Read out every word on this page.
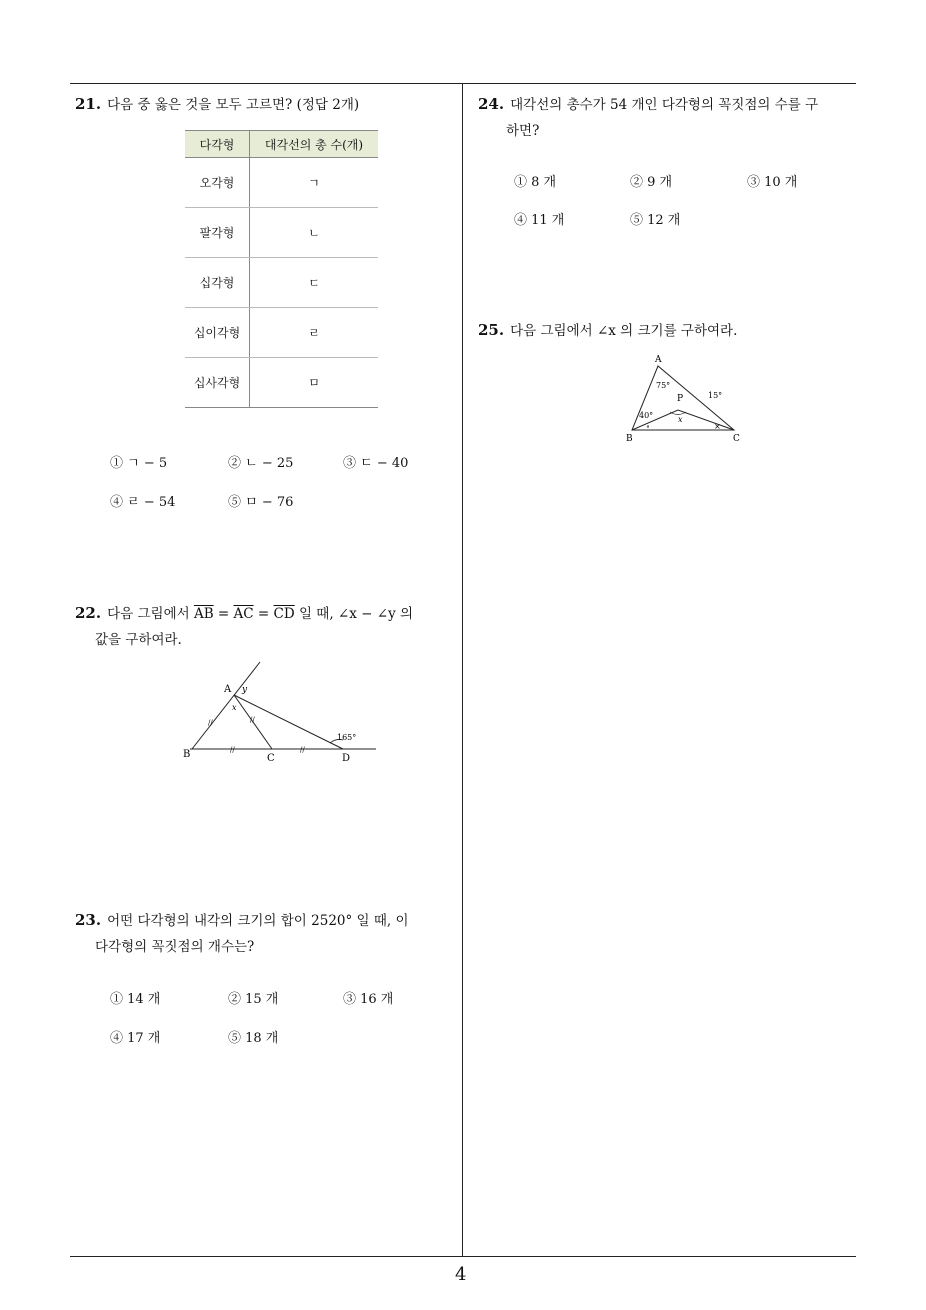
21. 다음 중 옳은 것을 모두 고르면? (정답 2개)
다각형	대각선의 총 수(개)
오각형	ㄱ
팔각형	ㄴ
십각형	ㄷ
십이각형	ㄹ
십사각형	ㅁ
① ㄱ − 5	② ㄴ − 25	③ ㄷ − 40
④ ㄹ − 54	⑤ ㅁ − 76
22. 다음 그림에서 $\overline{AB} = \overline{AC} = \overline{CD}$ 일 때, ∠x − ∠y 의
값을 구하여라.
A y
x
B	C	D
165°
//	//
//	//
23. 어떤 다각형의 내각의 크기의 합이 2520° 일 때, 이
다각형의 꼭짓점의 개수는?
① 14 개	② 15 개	③ 16 개
④ 17 개	⑤ 18 개
24. 대각선의 총수가 54 개인 다각형의 꼭짓점의 수를 구
하면?
① 8 개	② 9 개	③ 10 개
④ 11 개	⑤ 12 개
25. 다음 그림에서 ∠x 의 크기를 구하여라.
A
B	C
P
75°
40°
15°
x
∘	×
4
